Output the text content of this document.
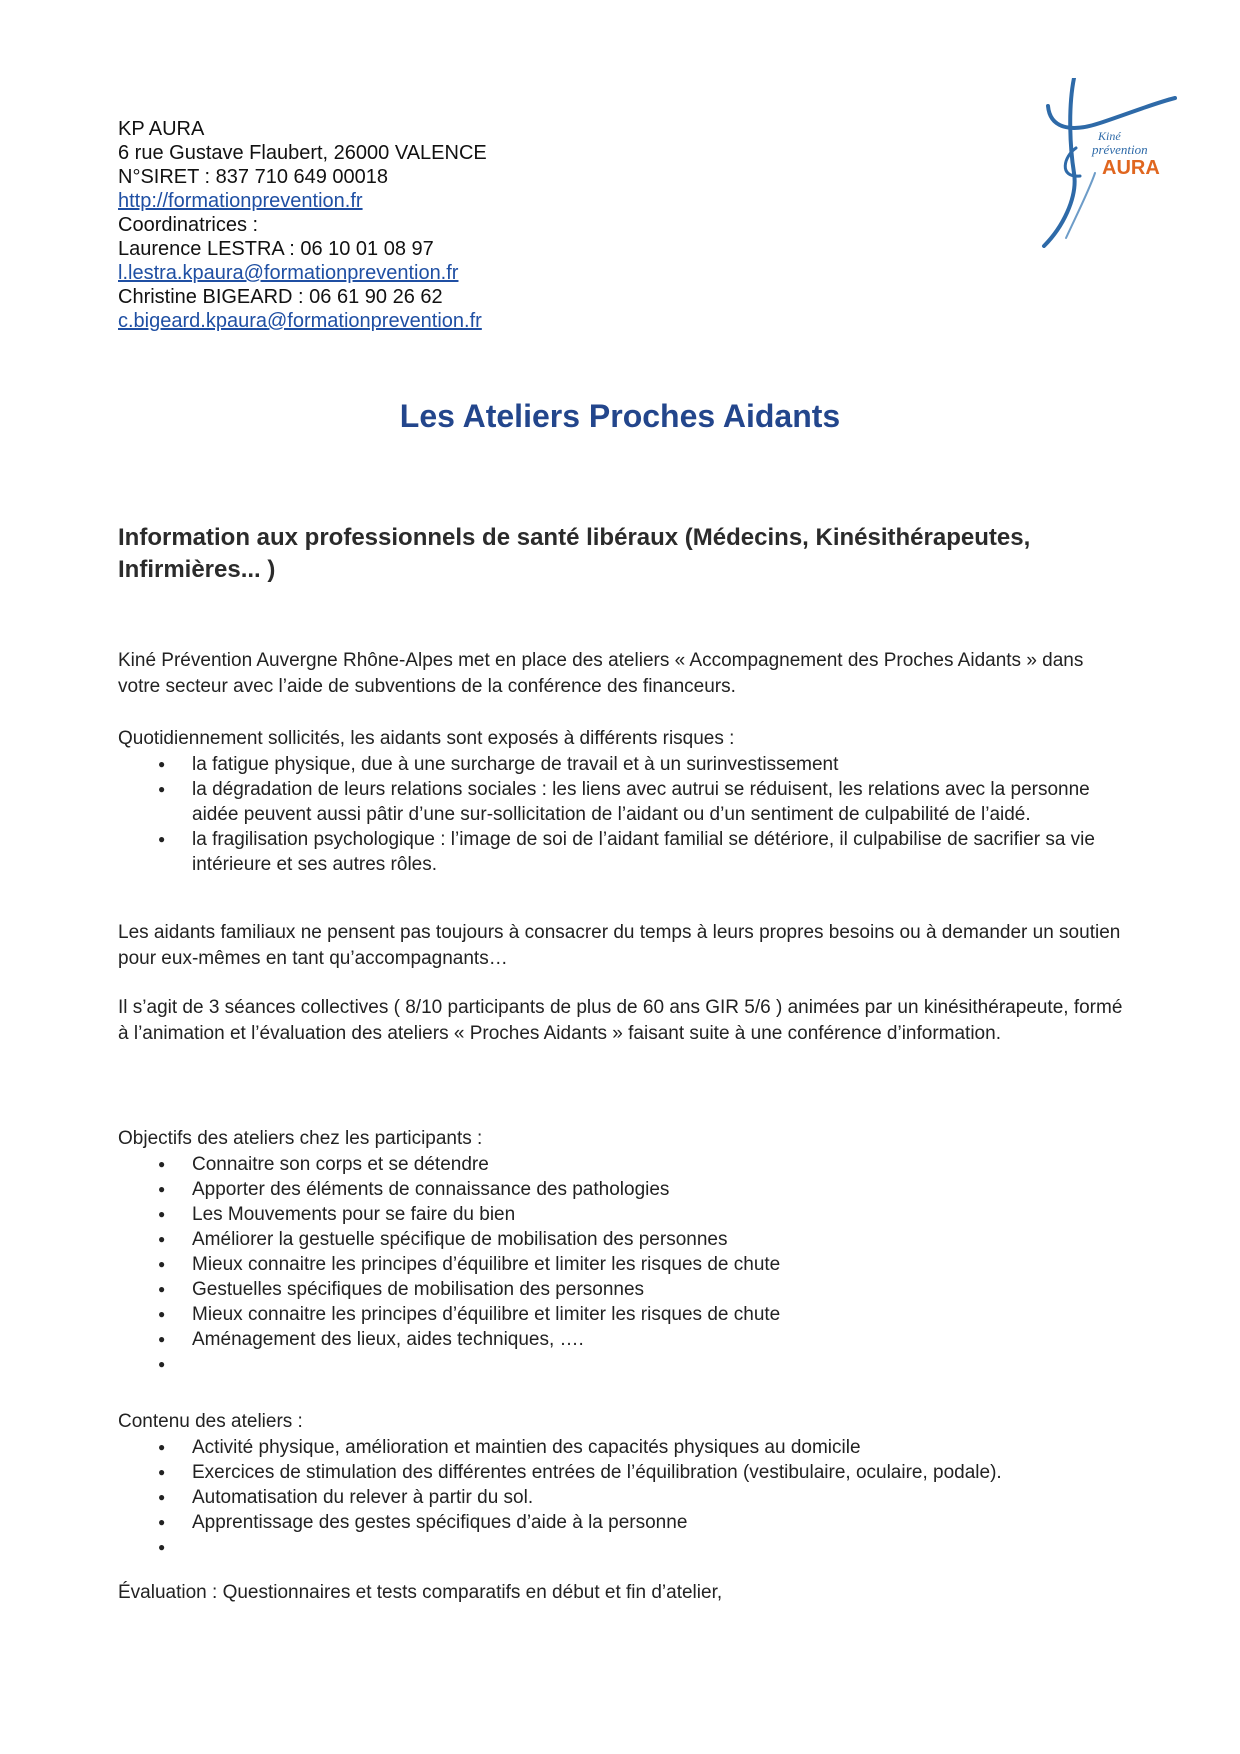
KP AURA
6 rue Gustave Flaubert, 26000 VALENCE
N°SIRET : 837 710 649 00018
http://formationprevention.fr
Coordinatrices :
Laurence LESTRA : 06 10 01 08 97
l.lestra.kpaura@formationprevention.fr
Christine BIGEARD : 06 61 90 26 62
c.bigeard.kpaura@formationprevention.fr
Kiné
prévention
AURA
Les Ateliers Proches Aidants
Information aux professionnels de santé libéraux (Médecins, Kinésithérapeutes, Infirmières... )
Kiné Prévention Auvergne Rhône-Alpes met en place des ateliers « Accompagnement des Proches Aidants » dans votre secteur avec l’aide de subventions de la conférence des financeurs.
Quotidiennement sollicités, les aidants sont exposés à différents risques :
● la fatigue physique, due à une surcharge de travail et à un surinvestissement
● la dégradation de leurs relations sociales : les liens avec autrui se réduisent, les relations avec la personne aidée peuvent aussi pâtir d’une sur-sollicitation de l’aidant ou d’un sentiment de culpabilité de l’aidé.
● la fragilisation psychologique : l’image de soi de l’aidant familial se détériore, il culpabilise de sacrifier sa vie intérieure et ses autres rôles.
Les aidants familiaux ne pensent pas toujours à consacrer du temps à leurs propres besoins ou à demander un soutien pour eux-mêmes en tant qu’accompagnants…
Il s’agit de 3 séances collectives ( 8/10 participants de plus de 60 ans GIR 5/6 ) animées par un kinésithérapeute, formé à l’animation et l’évaluation des ateliers « Proches Aidants » faisant suite à une conférence d’information.
Objectifs des ateliers chez les participants :
● Connaitre son corps et se détendre
● Apporter des éléments de connaissance des pathologies
● Les Mouvements pour se faire du bien
● Améliorer la gestuelle spécifique de mobilisation des personnes
● Mieux connaitre les principes d’équilibre et limiter les risques de chute
● Gestuelles spécifiques de mobilisation des personnes
● Mieux connaitre les principes d’équilibre et limiter les risques de chute
● Aménagement des lieux, aides techniques, ….
●
Contenu des ateliers :
● Activité physique, amélioration et maintien des capacités physiques au domicile
● Exercices de stimulation des différentes entrées de l’équilibration (vestibulaire, oculaire, podale).
● Automatisation du relever à partir du sol.
● Apprentissage des gestes spécifiques d’aide à la personne
●
Évaluation : Questionnaires et tests comparatifs en début et fin d’atelier,
